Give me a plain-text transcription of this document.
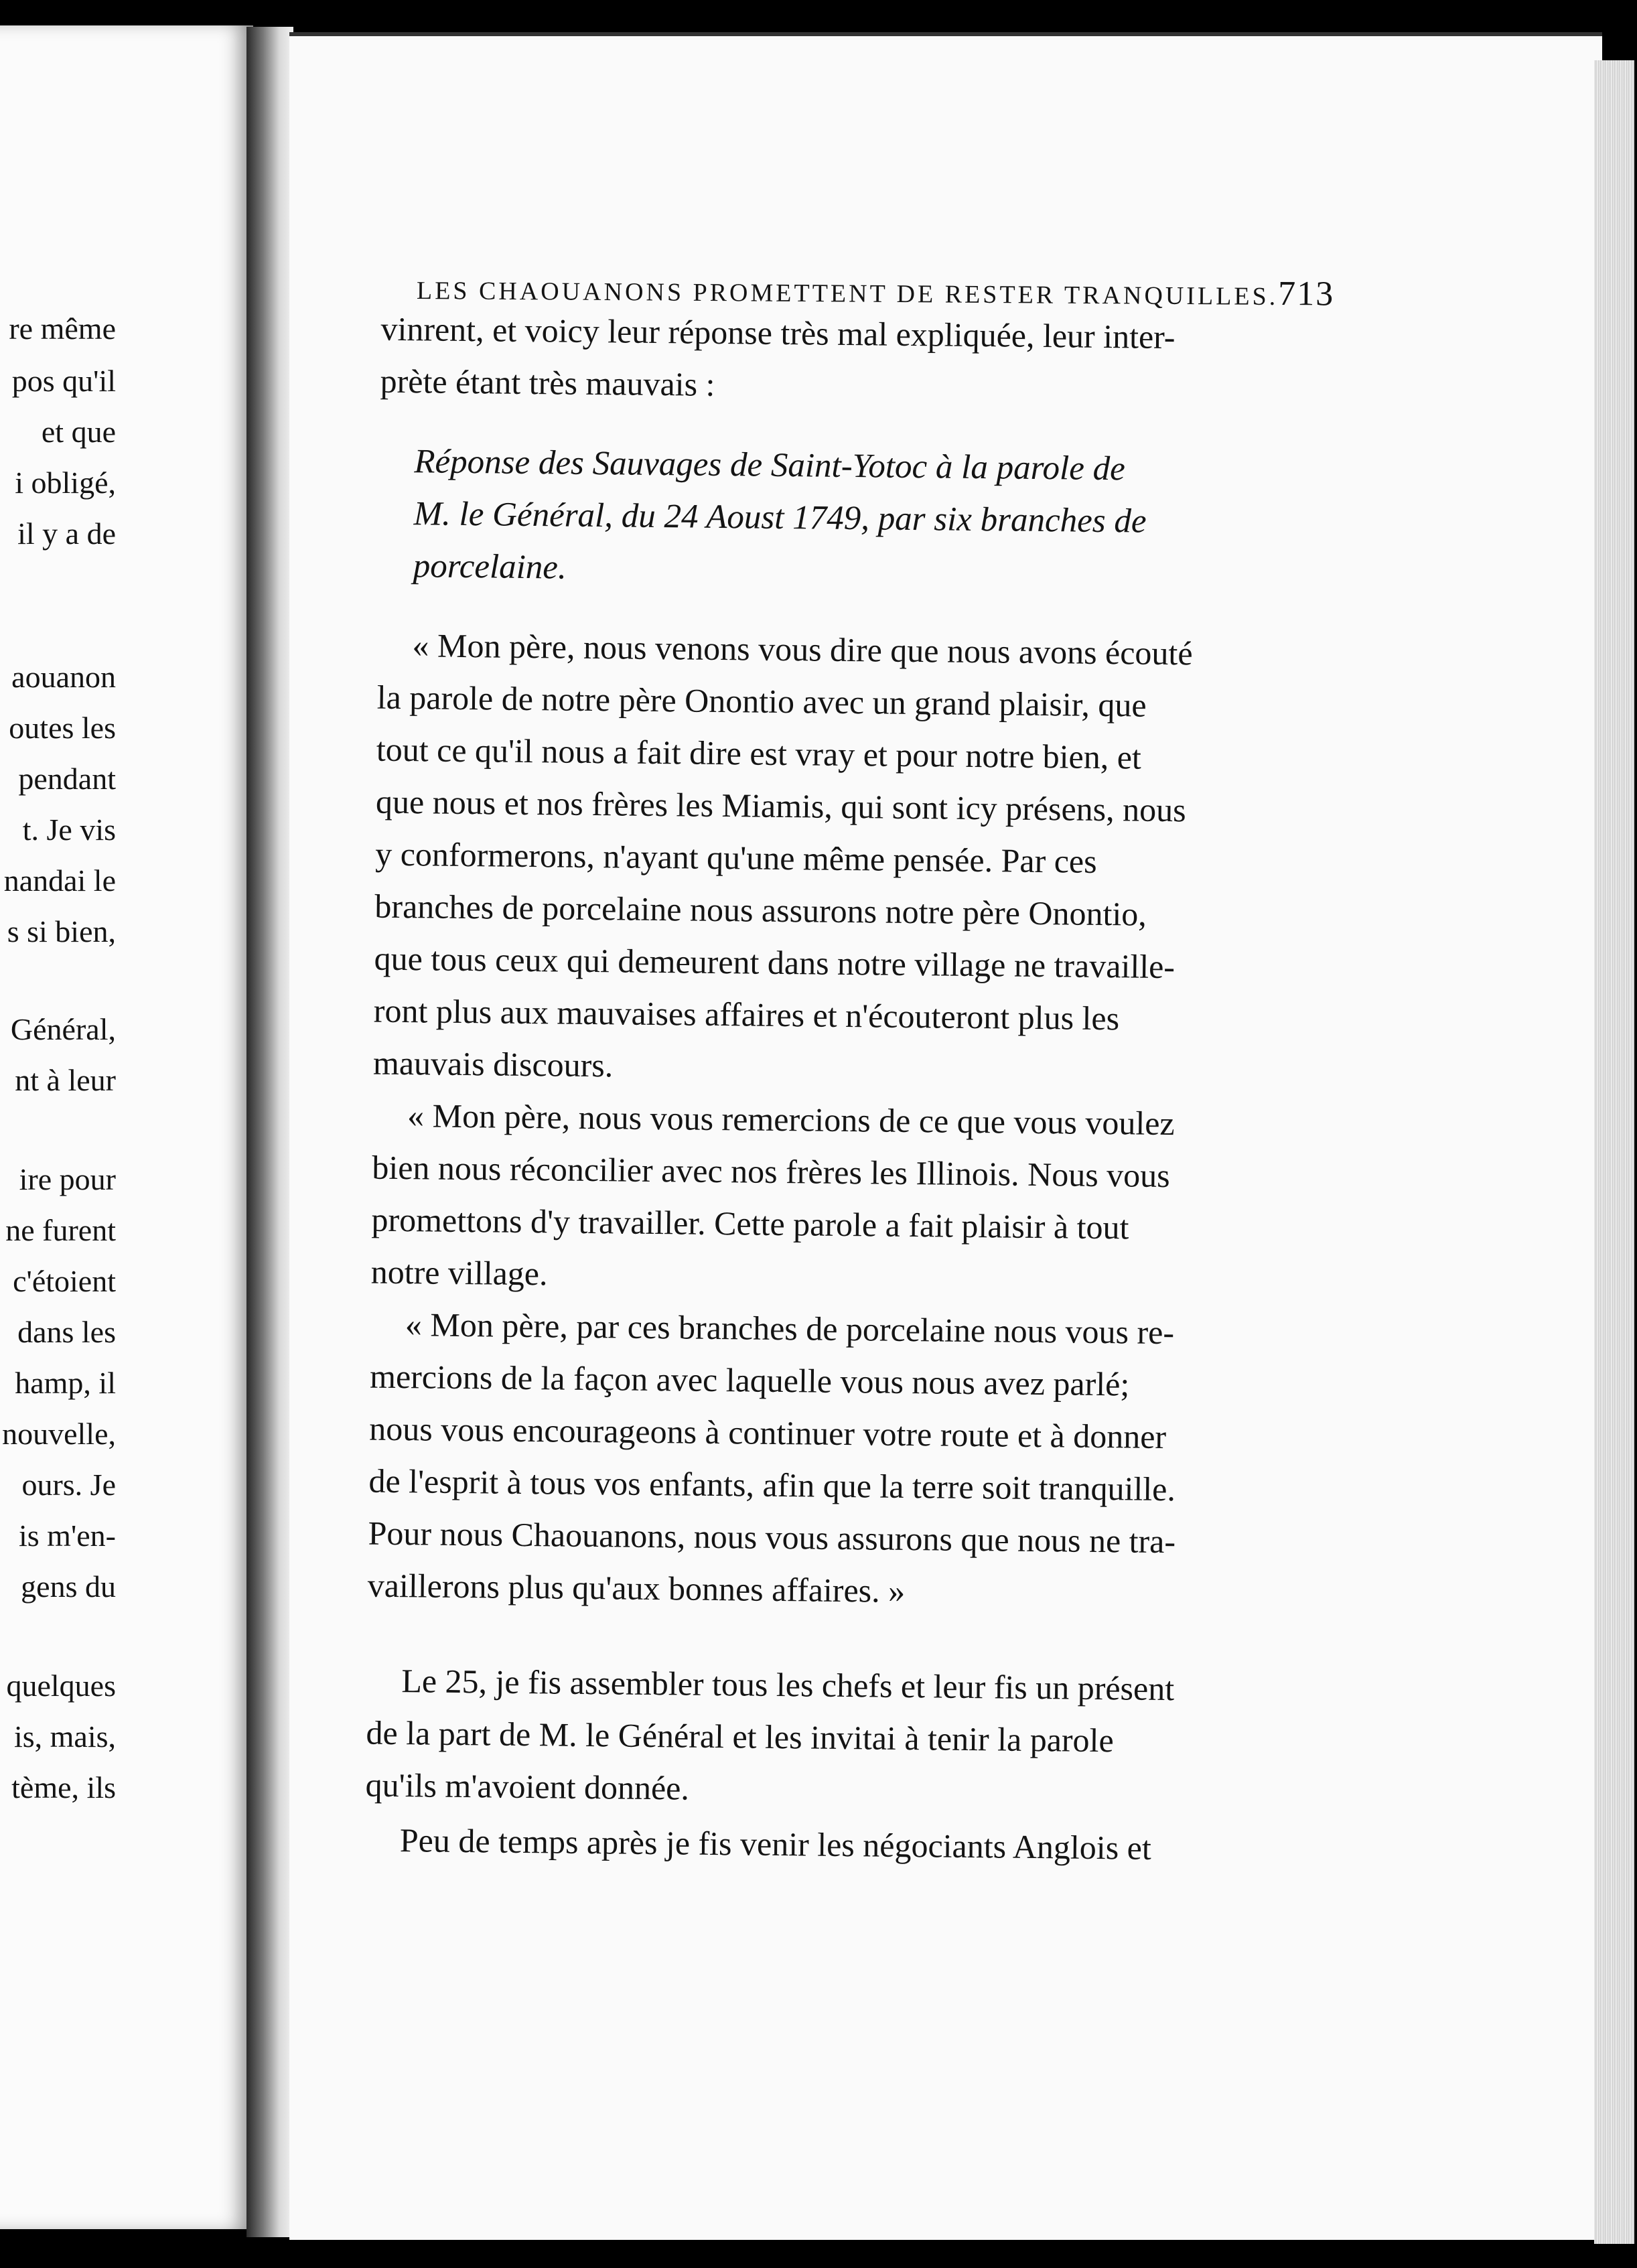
re même
pos qu'il
et que
i obligé,
il y a de
aouanon
outes les
pendant
t. Je vis
nandai le
s si bien,
Général,
nt à leur
ire pour
ne furent
c'étoient
dans les
hamp, il
nouvelle,
ours. Je
is m'en-
gens du
quelques
is, mais,
tème, ils
LES CHAOUANONS PROMETTENT DE RESTER TRANQUILLES. 713
vinrent, et voicy leur réponse très mal expliquée, leur inter-
prète étant très mauvais :
Réponse des Sauvages de Saint-Yotoc à la parole de
M. le Général, du 24 Aoust 1749, par six branches de
porcelaine.
« Mon père, nous venons vous dire que nous avons écouté
la parole de notre père Onontio avec un grand plaisir, que
tout ce qu'il nous a fait dire est vray et pour notre bien, et
que nous et nos frères les Miamis, qui sont icy présens, nous
y conformerons, n'ayant qu'une même pensée. Par ces
branches de porcelaine nous assurons notre père Onontio,
que tous ceux qui demeurent dans notre village ne travaille-
ront plus aux mauvaises affaires et n'écouteront plus les
mauvais discours.
« Mon père, nous vous remercions de ce que vous voulez
bien nous réconcilier avec nos frères les Illinois. Nous vous
promettons d'y travailler. Cette parole a fait plaisir à tout
notre village.
« Mon père, par ces branches de porcelaine nous vous re-
mercions de la façon avec laquelle vous nous avez parlé;
nous vous encourageons à continuer votre route et à donner
de l'esprit à tous vos enfants, afin que la terre soit tranquille.
Pour nous Chaouanons, nous vous assurons que nous ne tra-
vaillerons plus qu'aux bonnes affaires. »
Le 25, je fis assembler tous les chefs et leur fis un présent
de la part de M. le Général et les invitai à tenir la parole
qu'ils m'avoient donnée.
Peu de temps après je fis venir les négociants Anglois et
